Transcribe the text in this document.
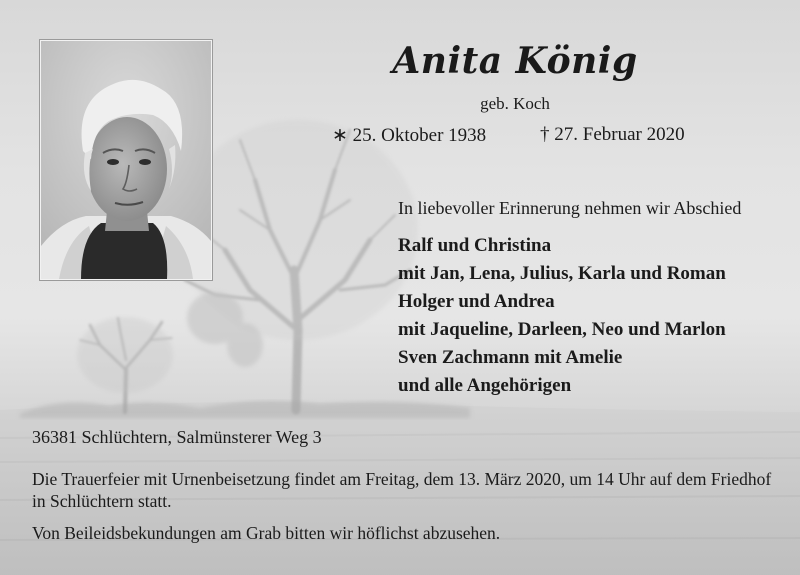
Anita König
geb. Koch
∗ 25. Oktober 1938	† 27. Februar 2020
In liebevoller Erinnerung nehmen wir Abschied
Ralf und Christina
mit Jan, Lena, Julius, Karla und Roman
Holger und Andrea
mit Jaqueline, Darleen, Neo und Marlon
Sven Zachmann mit Amelie
und alle Angehörigen
36381 Schlüchtern, Salmünsterer Weg 3

Die Trauerfeier mit Urnenbeisetzung findet am Freitag, dem 13. März 2020, um 14 Uhr auf dem Friedhof in Schlüchtern statt.

Von Beileidsbekundungen am Grab bitten wir höflichst abzusehen.
